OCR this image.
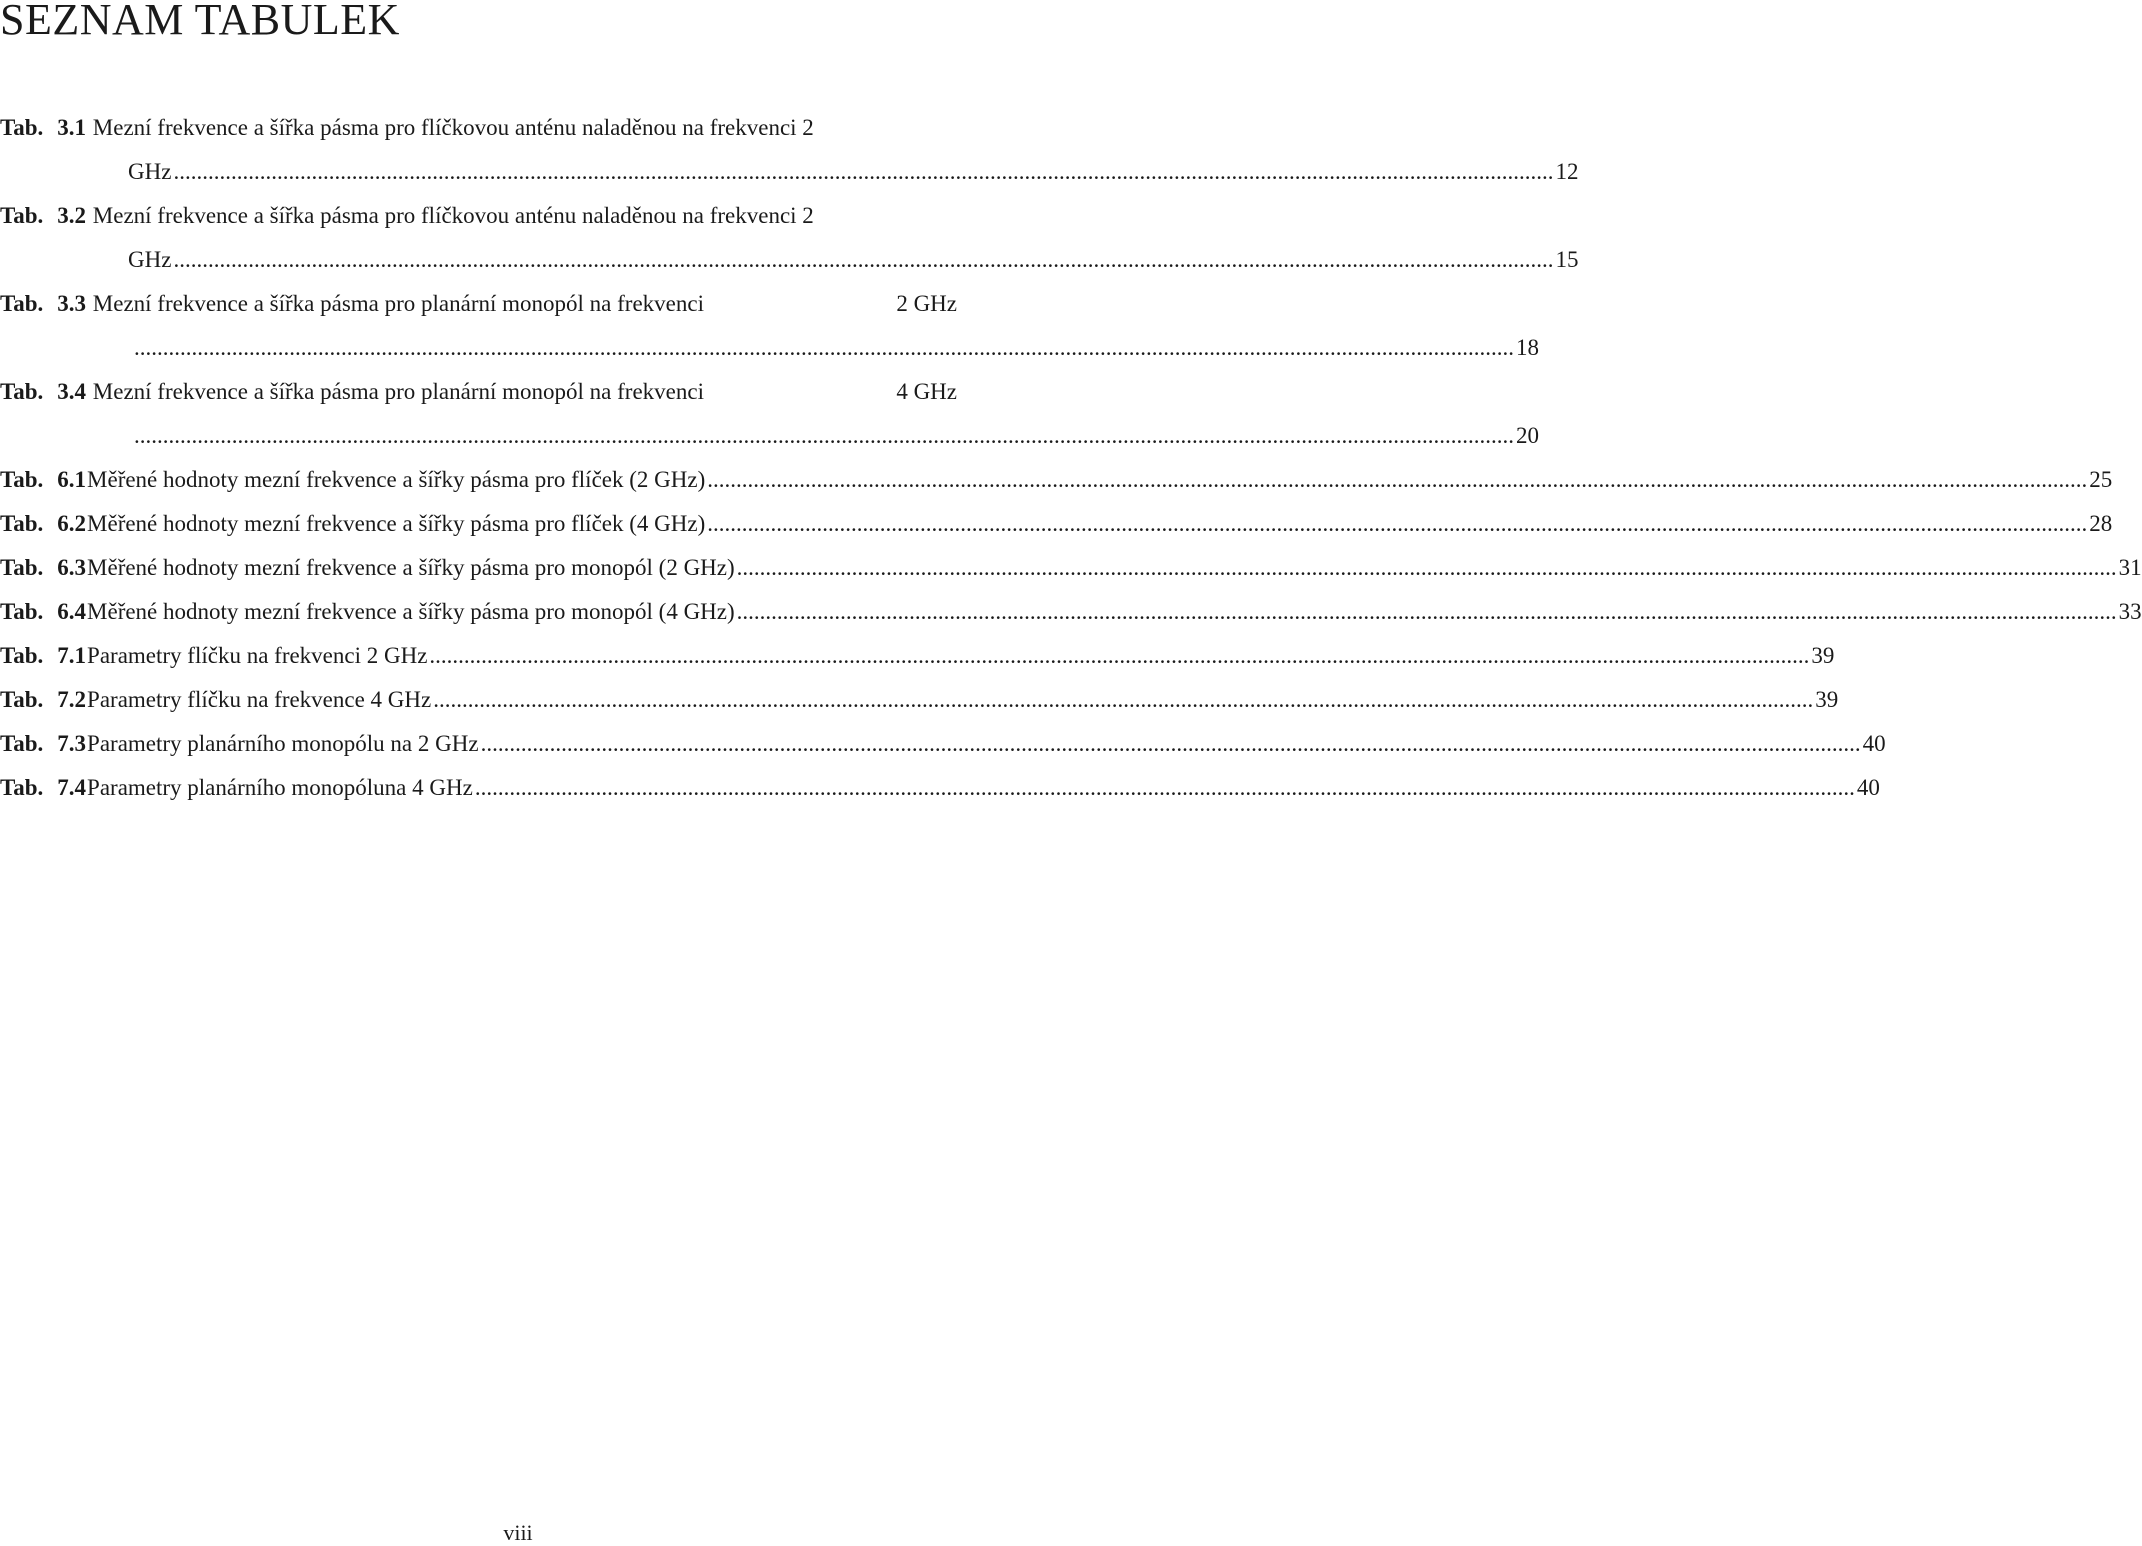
SEZNAM TABULEK
Tab. 3.1 Mezní frekvence a šířka pásma pro flíčkovou anténu naladěnou na frekvenci 2
GHz ................................................................................................................................................................................................................................................ 12
Tab. 3.2 Mezní frekvence a šířka pásma pro flíčkovou anténu naladěnou na frekvenci 2
GHz ................................................................................................................................................................................................................................................ 15
Tab. 3.3 Mezní frekvence a šířka pásma pro planární monopól na frekvenci	2 GHz
................................................................................................................................................................................................................................................ 18
Tab. 3.4 Mezní frekvence a šířka pásma pro planární monopól na frekvenci	4 GHz
................................................................................................................................................................................................................................................ 20
Tab. 6.1 Měřené hodnoty mezní frekvence a šířky pásma pro flíček (2 GHz) ................................................................................................................................................................................................................................................ 25
Tab. 6.2 Měřené hodnoty mezní frekvence a šířky pásma pro flíček (4 GHz) ................................................................................................................................................................................................................................................ 28
Tab. 6.3 Měřené hodnoty mezní frekvence a šířky pásma pro monopól (2 GHz) ................................................................................................................................................................................................................................................ 31
Tab. 6.4 Měřené hodnoty mezní frekvence a šířky pásma pro monopól (4 GHz) ................................................................................................................................................................................................................................................ 33
Tab. 7.1 Parametry flíčku na frekvenci 2 GHz ................................................................................................................................................................................................................................................ 39
Tab. 7.2 Parametry flíčku na frekvence 4 GHz ................................................................................................................................................................................................................................................ 39
Tab. 7.3 Parametry planárního monopólu na 2 GHz ................................................................................................................................................................................................................................................ 40
Tab. 7.4 Parametry planárního monopóluna 4 GHz ................................................................................................................................................................................................................................................ 40
viii
